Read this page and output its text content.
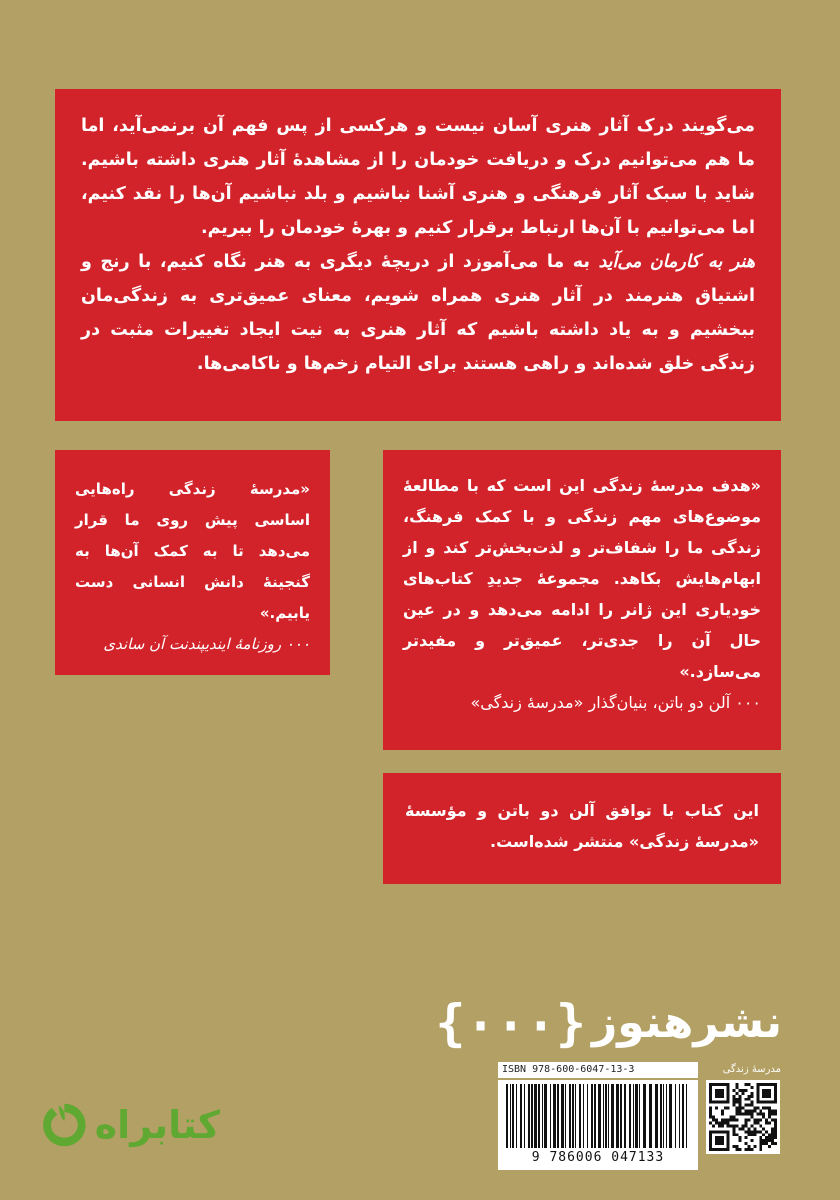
می‌گویند درک آثار هنری آسان نیست و هرکسی از پس فهم آن برنمی‌آید، اما ما هم می‌توانیم درک و دریافت خودمان را از مشاهدهٔ آثار هنری داشته باشیم. شاید با سبک آثار فرهنگی و هنری آشنا نباشیم و بلد نباشیم آن‌ها را نقد کنیم، اما می‌توانیم با آن‌ها ارتباط برقرار کنیم و بهرهٔ خودمان را ببریم.

هنر به کارمان می‌آید به ما می‌آموزد از دریچهٔ دیگری به هنر نگاه کنیم، با رنج و اشتیاق هنرمند در آثار هنری همراه شویم، معنای عمیق‌تری به زندگی‌مان ببخشیم و به یاد داشته باشیم که آثار هنری به نیت ایجاد تغییرات مثبت در زندگی خلق شده‌اند و راهی هستند برای التیام زخم‌ها و ناکامی‌ها.

«مدرسهٔ زندگی راه‌هایی اساسی پیش روی ما قرار می‌دهد تا به کمک آن‌ها به گنجینهٔ دانش انسانی دست یابیم.»

۰۰۰ روزنامهٔ ایندیپندنت آن ساندی

«هدف مدرسهٔ زندگی این است که با مطالعهٔ موضوع‌های مهم زندگی و با کمک فرهنگ، زندگی ما را شفاف‌تر و لذت‌بخش‌تر کند و از ابهام‌هایش بکاهد. مجموعهٔ جدیدِ کتاب‌های خودیاری این ژانر را ادامه می‌دهد و در عین حال آن را جدی‌تر، عمیق‌تر و مفیدتر می‌سازد.»

۰۰۰ آلن دو باتن، بنیان‌گذار «مدرسهٔ زندگی»

این کتاب با توافق آلن دو باتن و مؤسسهٔ «مدرسهٔ زندگی» منتشر شده‌است.

{۰۰۰} نشرهنوز
ISBN 978-600-6047-13-3	مدرسهٔ زندگی
9 786006 047133
کتابراه
